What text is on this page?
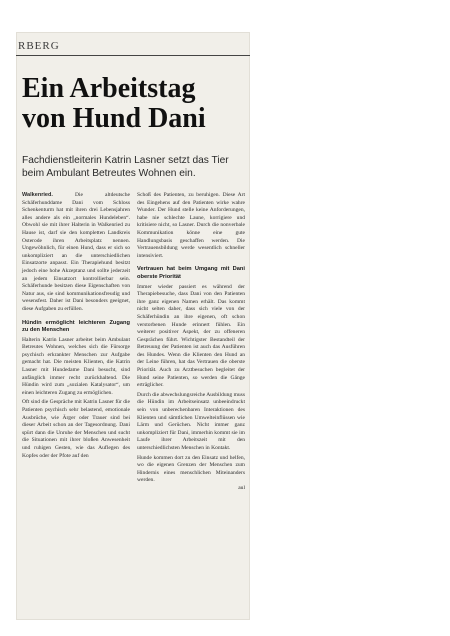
RBERG
Ein Arbeitstag
von Hund Dani
Fachdienstleiterin Katrin Lasner setzt das Tier beim Ambulant Betreutes Wohnen ein.

Walkenried.	Die altdeutsche Schäferhunddame Dani vom Schloss Schenkenturm hat mit ihren drei Lebensjahren alles andere als ein „normales Hundeleben“. Obwohl sie mit ihrer Halterin in Walkenried zu Hause ist, darf sie den kompletten Landkreis Osterode ihren Arbeitsplatz nennen. Ungewöhnlich, für einen Hund, dass er sich so unkompliziert an die unterschiedlichen Einsatzorte anpasst. Ein Therapiehund besitzt jedoch eine hohe Akzeptanz und sollte jederzeit an jedem Einsatzort kontrollierbar sein. Schäferhunde besitzen diese Eigenschaften von Natur aus, sie sind kommunikationsfreudig und wesensfest. Daher ist Dani besonders geeignet, diese Aufgaben zu erfüllen.

Hündin ermöglicht leichteren Zugang zu den Menschen

Halterin Katrin Lasner arbeitet beim Ambulant Betreutes Wohnen, welches sich die Fürsorge psychisch erkrankter Menschen zur Aufgabe gemacht hat. Die meisten Klienten, die Katrin Lasner mit Hundedame Dani besucht, sind anfänglich immer recht zurückhaltend. Die Hündin wird zum „sozialen Katalysator“, um einen leichteren Zugang zu ermöglichen.

Oft sind die Gespräche mit Katrin Lasner für die Patienten psychisch sehr belastend, emotionale Ausbrüche, wie Ärger oder Trauer sind bei dieser Arbeit schon an der Tagesordnung. Dani spürt dann die Unruhe der Menschen und sucht die Situationen mit ihrer bloßen Anwesenheit und ruhigen Gesten, wie das Auflegen des Kopfes oder der Pfote auf den

Schoß des Patienten, zu beruhigen. Diese Art des Eingehens auf den Patienten wirke wahre Wunder. Der Hund stelle keine Anforderungen, habe nie schlechte Laune, korrigiere und kritisiere nicht, so Lasner. Durch die nonverbale Kommunikation könne eine gute Handlungsbasis geschaffen werden. Die Vertrauensbildung werde wesentlich schneller intensiviert.

Vertrauen hat beim Umgang mit Dani oberste Priorität

Immer wieder passiert es während der Therapiebesuche, dass Dani von den Patienten ihre ganz eigenen Namen erhält. Das kommt nicht selten daher, dass sich viele von der Schäferhündin an ihre eigenen, oft schon verstorbenen Hunde erinnert fühlen. Ein weiterer positiver Aspekt, der zu offeneren Gesprächen führt. Wichtigster Bestandteil der Betreuung der Patienten ist auch das Ausführen des Hundes. Wenn die Klienten den Hund an der Leine führen, hat das Vertrauen die oberste Priorität. Auch zu Arztbesuchen begleitet der Hund seine Patienten, so werden die Gänge erträglicher.

Durch die abwechslungsreiche Ausbildung muss die Hündin im Arbeitseinsatz unbeeindruckt sein von unberechenbaren Interaktionen des Klienten und sämtlichen Umwelteinflüssen wie Lärm und Gerüchen. Nicht immer ganz unkompliziert für Dani, immerhin kommt sie im Laufe ihrer Arbeitszeit mit den unterschiedlichsten Menschen in Kontakt.

Hunde kommen dort zu den Einsatz und helfen, wo die eigenen Grenzen der Menschen zum Hindernis eines menschlichen Miteinanders werden.

aul
